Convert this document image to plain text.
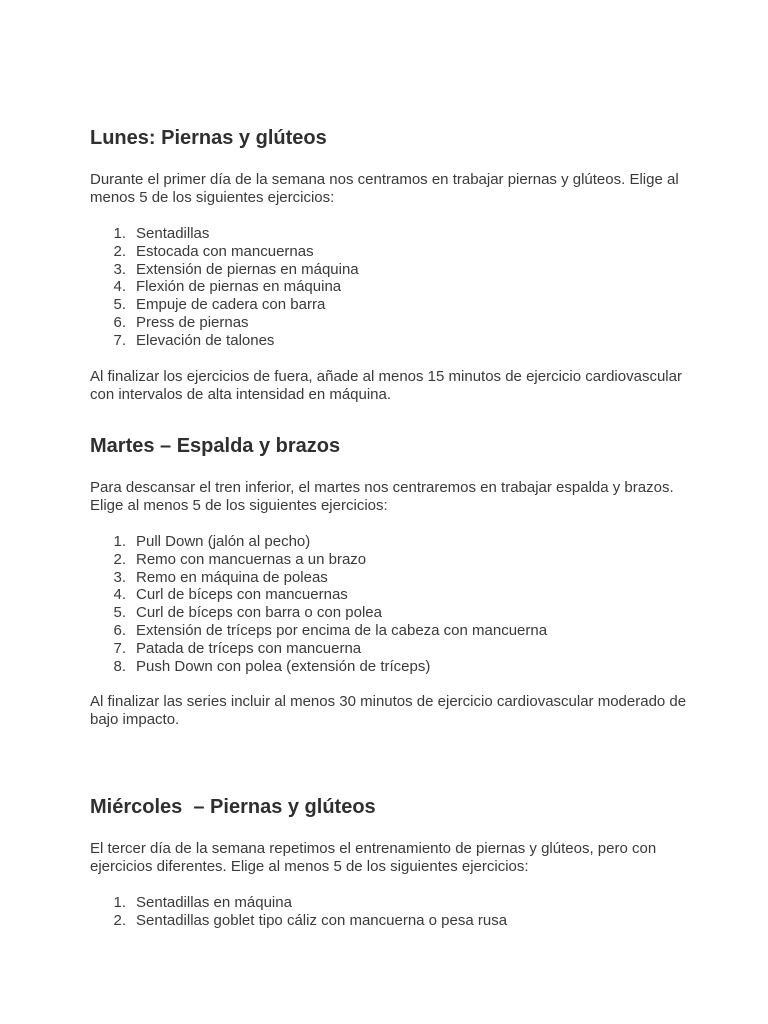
Lunes: Piernas y glúteos

Durante el primer día de la semana nos centramos en trabajar piernas y glúteos. Elige al menos 5 de los siguientes ejercicios:

1. Sentadillas
2. Estocada con mancuernas
3. Extensión de piernas en máquina
4. Flexión de piernas en máquina
5. Empuje de cadera con barra
6. Press de piernas
7. Elevación de talones

Al finalizar los ejercicios de fuera, añade al menos 15 minutos de ejercicio cardiovascular con intervalos de alta intensidad en máquina.

Martes – Espalda y brazos

Para descansar el tren inferior, el martes nos centraremos en trabajar espalda y brazos. Elige al menos 5 de los siguientes ejercicios:

1. Pull Down (jalón al pecho)
2. Remo con mancuernas a un brazo
3. Remo en máquina de poleas
4. Curl de bíceps con mancuernas
5. Curl de bíceps con barra o con polea
6. Extensión de tríceps por encima de la cabeza con mancuerna
7. Patada de tríceps con mancuerna
8. Push Down con polea (extensión de tríceps)

Al finalizar las series incluir al menos 30 minutos de ejercicio cardiovascular moderado de bajo impacto.

Miércoles  – Piernas y glúteos

El tercer día de la semana repetimos el entrenamiento de piernas y glúteos, pero con ejercicios diferentes. Elige al menos 5 de los siguientes ejercicios:

1. Sentadillas en máquina
2. Sentadillas goblet tipo cáliz con mancuerna o pesa rusa
